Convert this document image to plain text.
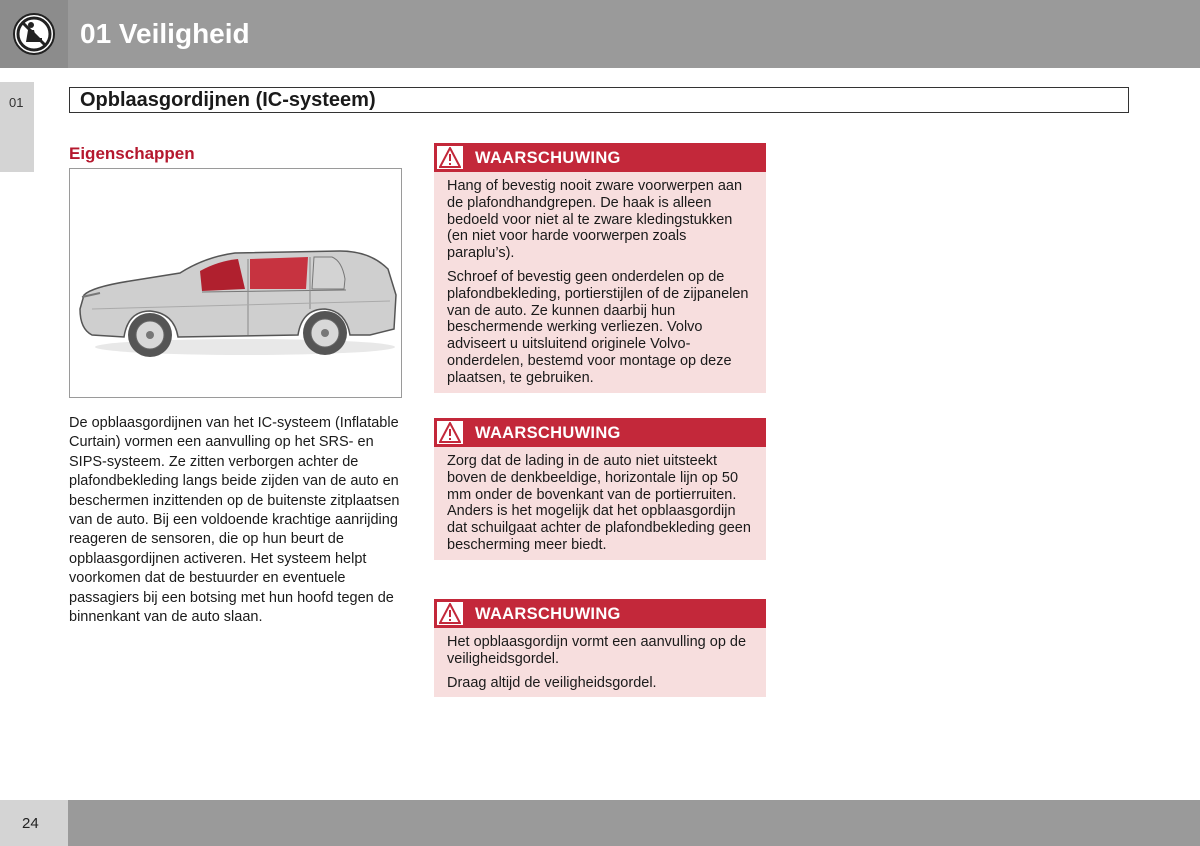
01 Veiligheid
01	Opblaasgordijnen (IC-systeem)
Eigenschappen
De opblaasgordijnen van het IC-systeem (Inflatable Curtain) vormen een aanvulling op het SRS- en SIPS-systeem. Ze zitten verborgen achter de plafondbekleding langs beide zijden van de auto en beschermen inzittenden op de buitenste zitplaatsen van de auto. Bij een voldoende krachtige aanrijding reageren de sensoren, die op hun beurt de opblaasgordijnen activeren. Het systeem helpt voorkomen dat de bestuurder en eventuele passagiers bij een botsing met hun hoofd tegen de binnenkant van de auto slaan.
WAARSCHUWING

Hang of bevestig nooit zware voorwerpen aan de plafondhandgrepen. De haak is alleen bedoeld voor niet al te zware kledingstukken (en niet voor harde voorwerpen zoals paraplu’s).

Schroef of bevestig geen onderdelen op de plafondbekleding, portierstijlen of de zijpanelen van de auto. Ze kunnen daarbij hun beschermende werking verliezen. Volvo adviseert u uitsluitend originele Volvo-onderdelen, bestemd voor montage op deze plaatsen, te gebruiken.

WAARSCHUWING

Zorg dat de lading in de auto niet uitsteekt boven de denkbeeldige, horizontale lijn op 50 mm onder de bovenkant van de portierruiten. Anders is het mogelijk dat het opblaasgordijn dat schuilgaat achter de plafondbekleding geen bescherming meer biedt.

WAARSCHUWING

Het opblaasgordijn vormt een aanvulling op de veiligheidsgordel.

Draag altijd de veiligheidsgordel.

24
